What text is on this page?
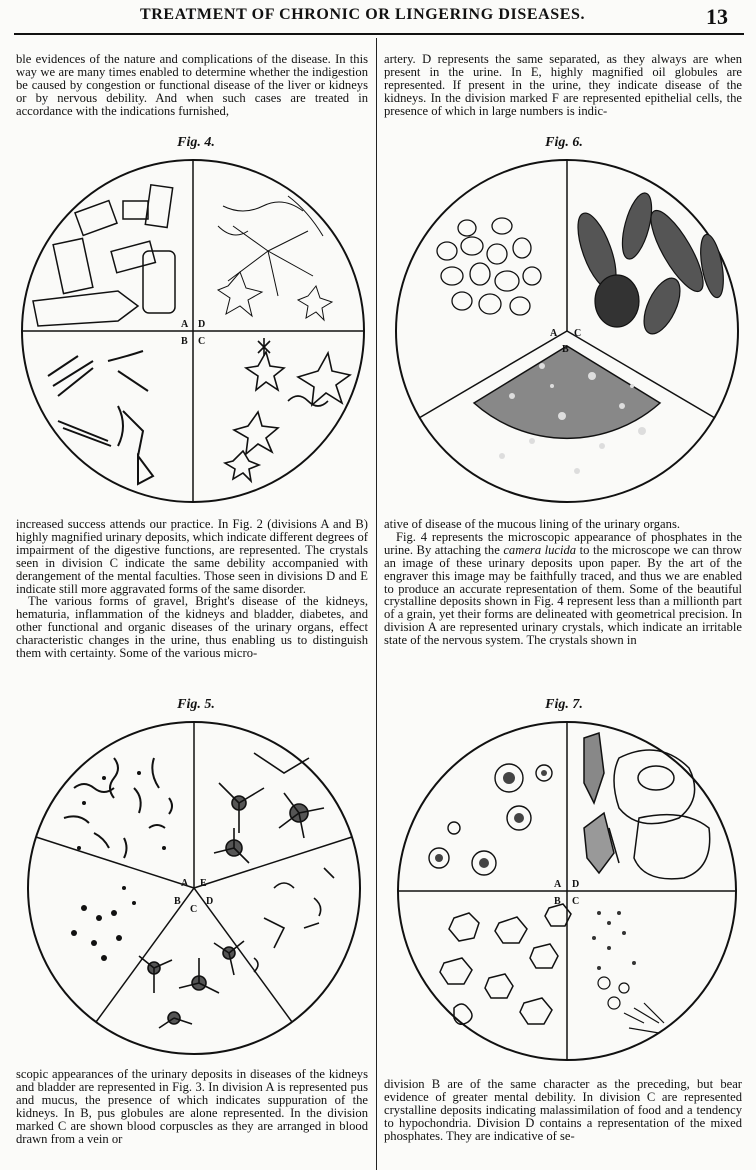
TREATMENT OF CHRONIC OR LINGERING DISEASES.	13

ble evidences of the nature and complications of the disease. In this way we are many times enabled to determine whether the indigestion be caused by congestion or functional disease of the liver or kidneys or by nervous debility. And when such cases are treated in accordance with the indications furnished,

artery. D represents the same separated, as they always are when present in the urine. In E, highly magnified oil globules are represented. If present in the urine, they indicate disease of the kidneys. In the division marked F are represented epithelial cells, the presence of which in large numbers is indic-

Fig. 4.	Fig. 6.
A D
B C
A C
B

increased success attends our practice. In Fig. 2 (divisions A and B) highly magnified urinary deposits, which indicate different degrees of impairment of the digestive functions, are represented. The crystals seen in division C indicate the same debility accompanied with derangement of the mental faculties. Those seen in divisions D and E indicate still more aggravated forms of the same disorder.

The various forms of gravel, Bright's disease of the kidneys, hematuria, inflammation of the kidneys and bladder, diabetes, and other functional and organic diseases of the urinary organs, effect characteristic changes in the urine, thus enabling us to distinguish them with certainty. Some of the various micro-

ative of disease of the mucous lining of the urinary organs.

Fig. 4 represents the microscopic appearance of phosphates in the urine. By attaching the camera lucida to the microscope we can throw an image of these urinary deposits upon paper. By the art of the engraver this image may be faithfully traced, and thus we are enabled to produce an accurate representation of them. Some of the beautiful crystalline deposits shown in Fig. 4 represent less than a millionth part of a grain, yet their forms are delineated with geometrical precision. In division A are represented urinary crystals, which indicate an irritable state of the nervous system. The crystals shown in

Fig. 5.	Fig. 7.
A E
B
C
D
A D
B C

scopic appearances of the urinary deposits in diseases of the kidneys and bladder are represented in Fig. 3. In division A is represented pus and mucus, the presence of which indicates suppuration of the kidneys. In B, pus globules are alone represented. In the division marked C are shown blood corpuscles as they are arranged in blood drawn from a vein or

division B are of the same character as the preceding, but bear evidence of greater mental debility. In division C are represented crystalline deposits indicating malassimilation of food and a tendency to hypochondria. Division D contains a representation of the mixed phosphates. They are indicative of se-
